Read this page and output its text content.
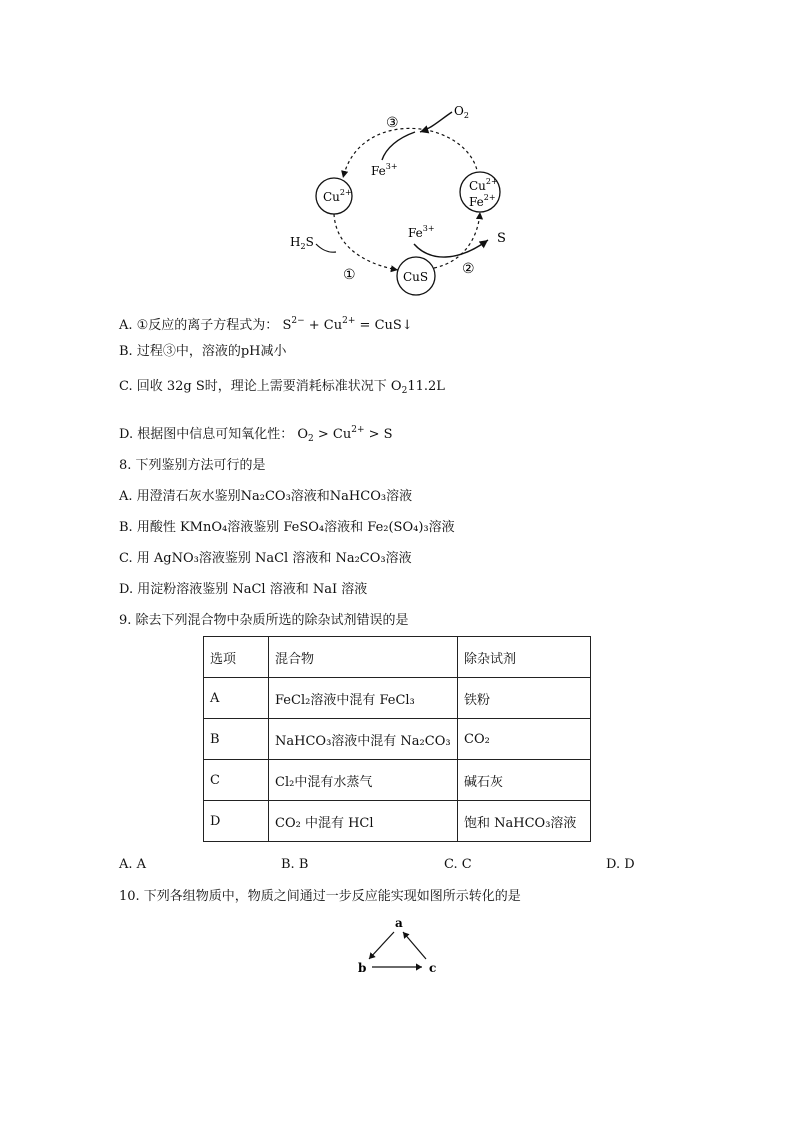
$Cu^{2+}$	$Cu^{2+}$
$Fe^{2+}$
CuS
$O_2$
③
$Fe^{3+}$
$H_2S$
①
$Fe^{3+}$
S
②
A. ①反应的离子方程式为： $S^{2-} + Cu^{2+}$ = CuS↓
B. 过程③中，溶液的pH减小
C. 回收 32g S时，理论上需要消耗标准状况下 $O_211.2L$
D. 根据图中信息可知氧化性： $O_2 > Cu^{2+} > S$
8. 下列鉴别方法可行的是
A. 用澄清石灰水鉴别Na₂CO₃溶液和NaHCO₃溶液
B. 用酸性 KMnO₄溶液鉴别 FeSO₄溶液和 Fe₂(SO₄)₃溶液
C. 用 AgNO₃溶液鉴别 NaCl 溶液和 Na₂CO₃溶液
D. 用淀粉溶液鉴别 NaCl 溶液和 NaI 溶液
9. 除去下列混合物中杂质所选的除杂试剂错误的是
选项	混合物	除杂试剂
A	FeCl₂溶液中混有 FeCl₃	铁粉
B	NaHCO₃溶液中混有 Na₂CO₃	CO₂
C	Cl₂中混有水蒸气	碱石灰
D	CO₂ 中混有 HCl	饱和 NaHCO₃溶液
A. A	B. B	C. C	D. D
10. 下列各组物质中，物质之间通过一步反应能实现如图所示转化的是
a
b	c
